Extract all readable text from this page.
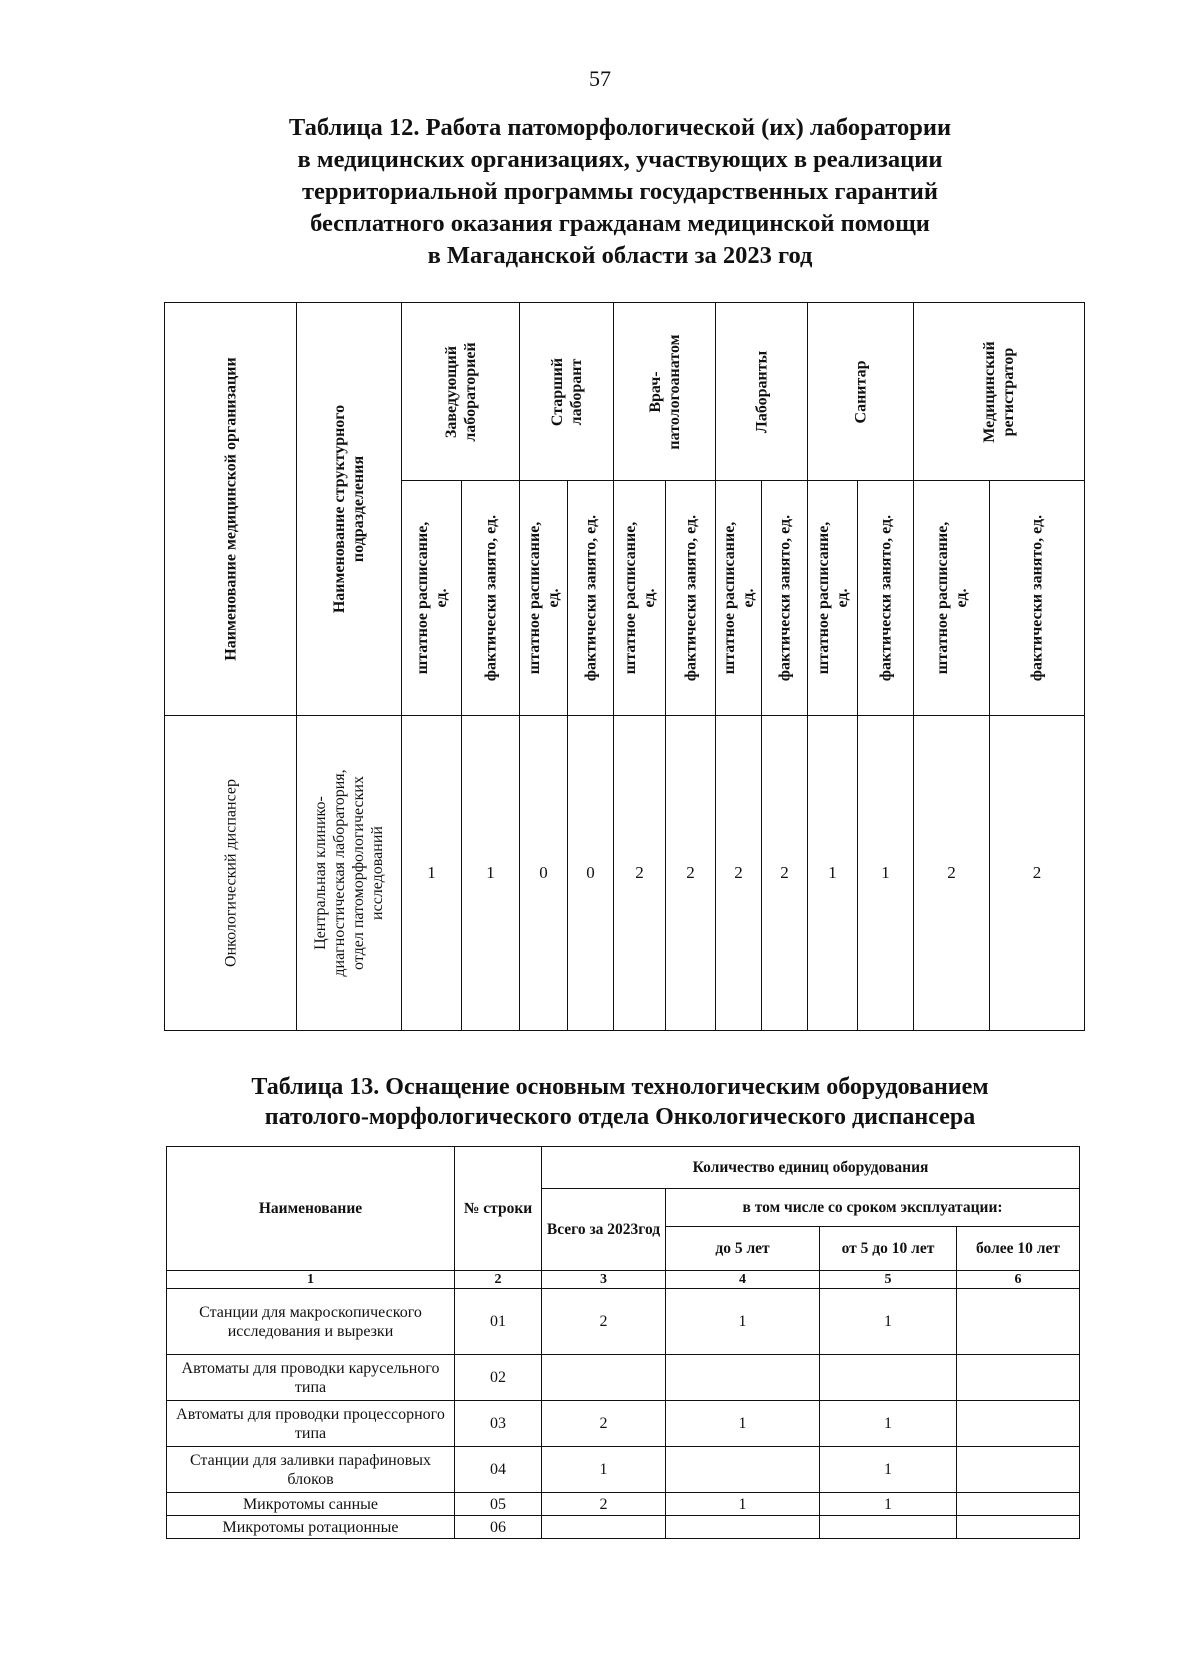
57
Таблица 12. Работа патоморфологической (их) лаборатории
в медицинских организациях, участвующих в реализации
территориальной программы государственных гарантий
бесплатного оказания гражданам медицинской помощи
в Магаданской области за 2023 год
Наименование медицинской организации	Наименование структурного подразделения	Заведующий лабораторией		Старший лаборант		Врач- патологоанатом		Лаборанты		Санитар		Медицинский регистратор	

		штатное расписание, ед.	фактически занято, ед.	штатное расписание, ед.	фактически занято, ед.	штатное расписание, ед.	фактически занято, ед.	штатное расписание, ед.	фактически занято, ед.	штатное расписание, ед.	фактически занято, ед.	штатное расписание, ед.	фактически занято, ед.

Онкологический диспансер	Центральная клинико- диагностическая лаборатория, отдел патоморфологических исследований	1	1	0	0	2	2	2	2	1	1	2	2
Таблица 13. Оснащение основным технологическим оборудованием
патолого-морфологического отдела Онкологического диспансера
Наименование	№ строки	Количество единиц оборудования			
		Всего за 2023год	в том числе со сроком эксплуатации:		
			до 5 лет	от 5 до 10 лет	более 10 лет
1	2	3	4	5	6
Станции для макроскопического исследования и вырезки	01	2	1	1	
Автоматы для проводки карусельного типа	02				
Автоматы для проводки процессорного типа	03	2	1	1	
Станции для заливки парафиновых блоков	04	1		1	
Микротомы санные	05	2	1	1	
Микротомы ротационные	06				
